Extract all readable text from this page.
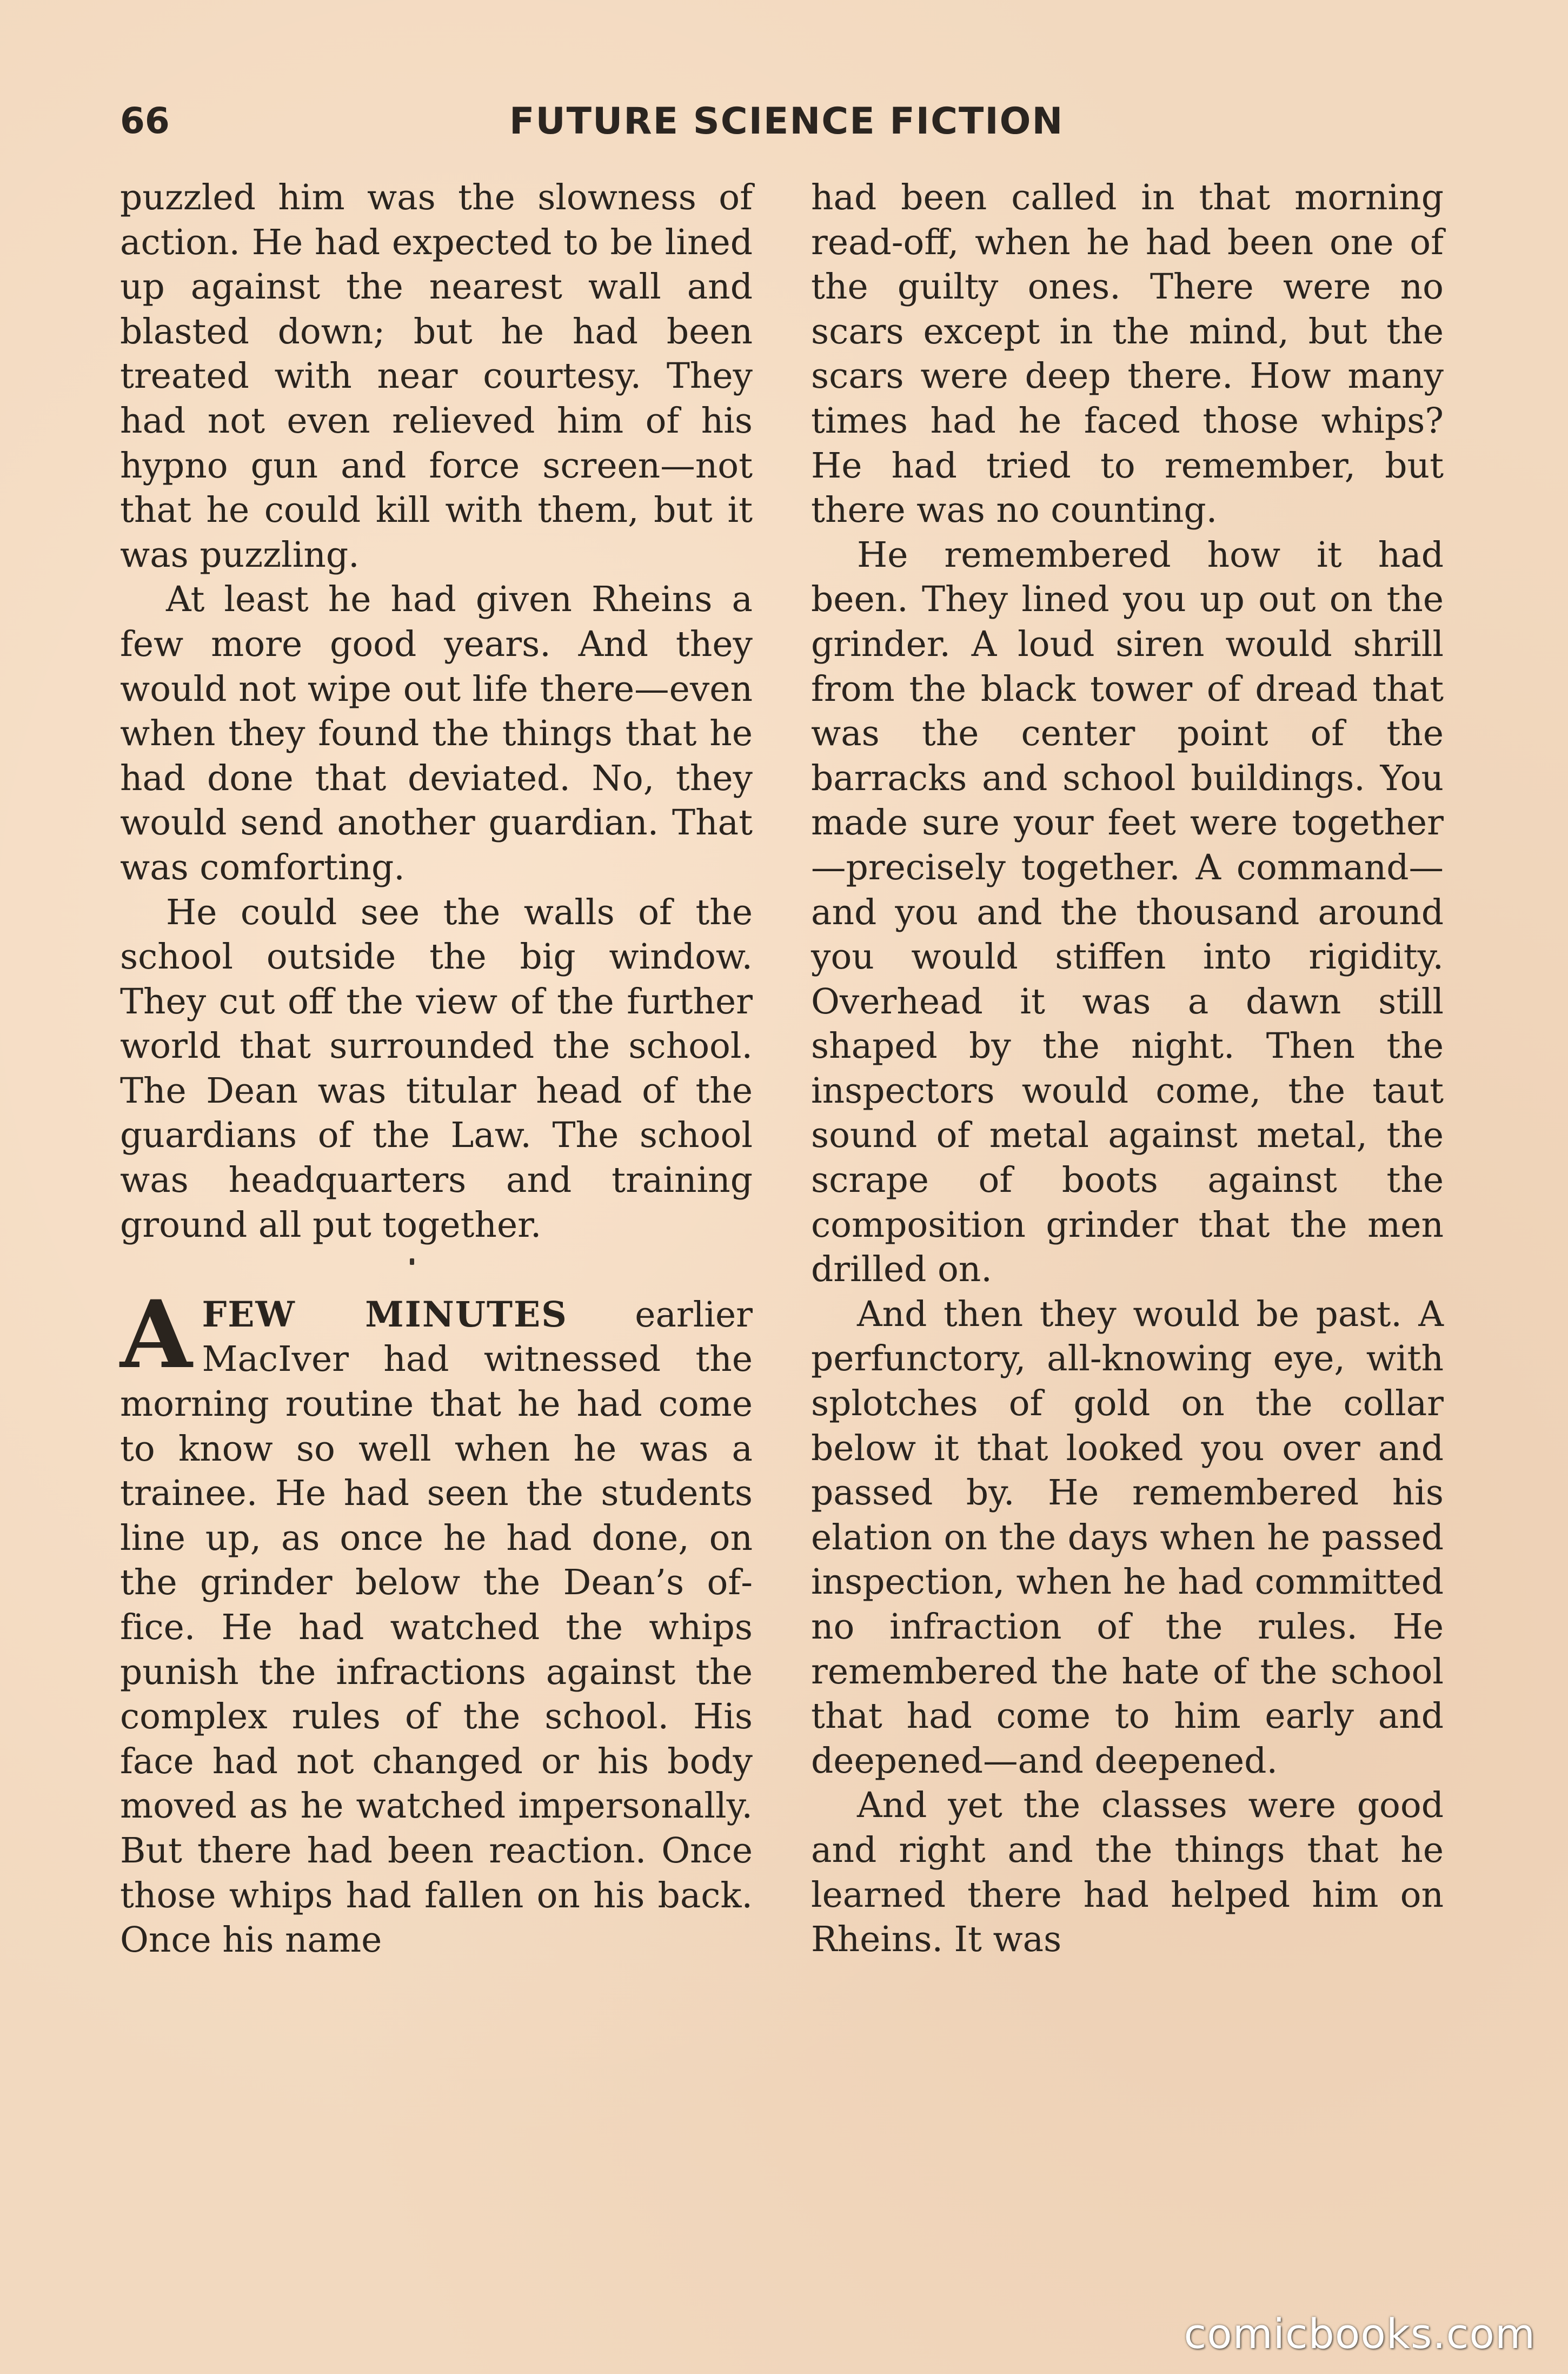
66	FUTURE SCIENCE FICTION

puzzled him was the slowness of action. He had expected to be lined up against the nearest wall and blasted down; but he had been treated with near courtesy. They had not even relieved him of his hypno gun and force screen—not that he could kill with them, but it was puzzling.

At least he had given Rheins a few more good years. And they would not wipe out life there—even when they found the things that he had done that deviated. No, they would send another guardian. That was comforting.

He could see the walls of the school outside the big window. They cut off the view of the further world that surrounded the school. The Dean was titular head of the guardians of the Law. The school was headquarters and training ground all put together.

AFEW MINUTES earlier MacIver had witnessed the morning routine that he had come to know so well when he was a trainee. He had seen the students line up, as once he had done, on the grinder below the Dean’s office. He had watched the whips punish the infractions against the complex rules of the school. His face had not changed or his body moved as he watched impersonally. But there had been reaction. Once those whips had fallen on his back. Once his name

had been called in that morning read-off, when he had been one of the guilty ones. There were no scars except in the mind, but the scars were deep there. How many times had he faced those whips? He had tried to remember, but there was no counting.

He remembered how it had been. They lined you up out on the grinder. A loud siren would shrill from the black tower of dread that was the center point of the barracks and school buildings. You made sure your feet were together—precisely together. A command—and you and the thousand around you would stiffen into rigidity. Overhead it was a dawn still shaped by the night. Then the inspectors would come, the taut sound of metal against metal, the scrape of boots against the composition grinder that the men drilled on.

And then they would be past. A perfunctory, all-knowing eye, with splotches of gold on the collar below it that looked you over and passed by. He remembered his elation on the days when he passed inspection, when he had committed no infraction of the rules. He remembered the hate of the school that had come to him early and deepened—and deepened.

And yet the classes were good and right and the things that he learned there had helped him on Rheins. It was

comicbooks.com
